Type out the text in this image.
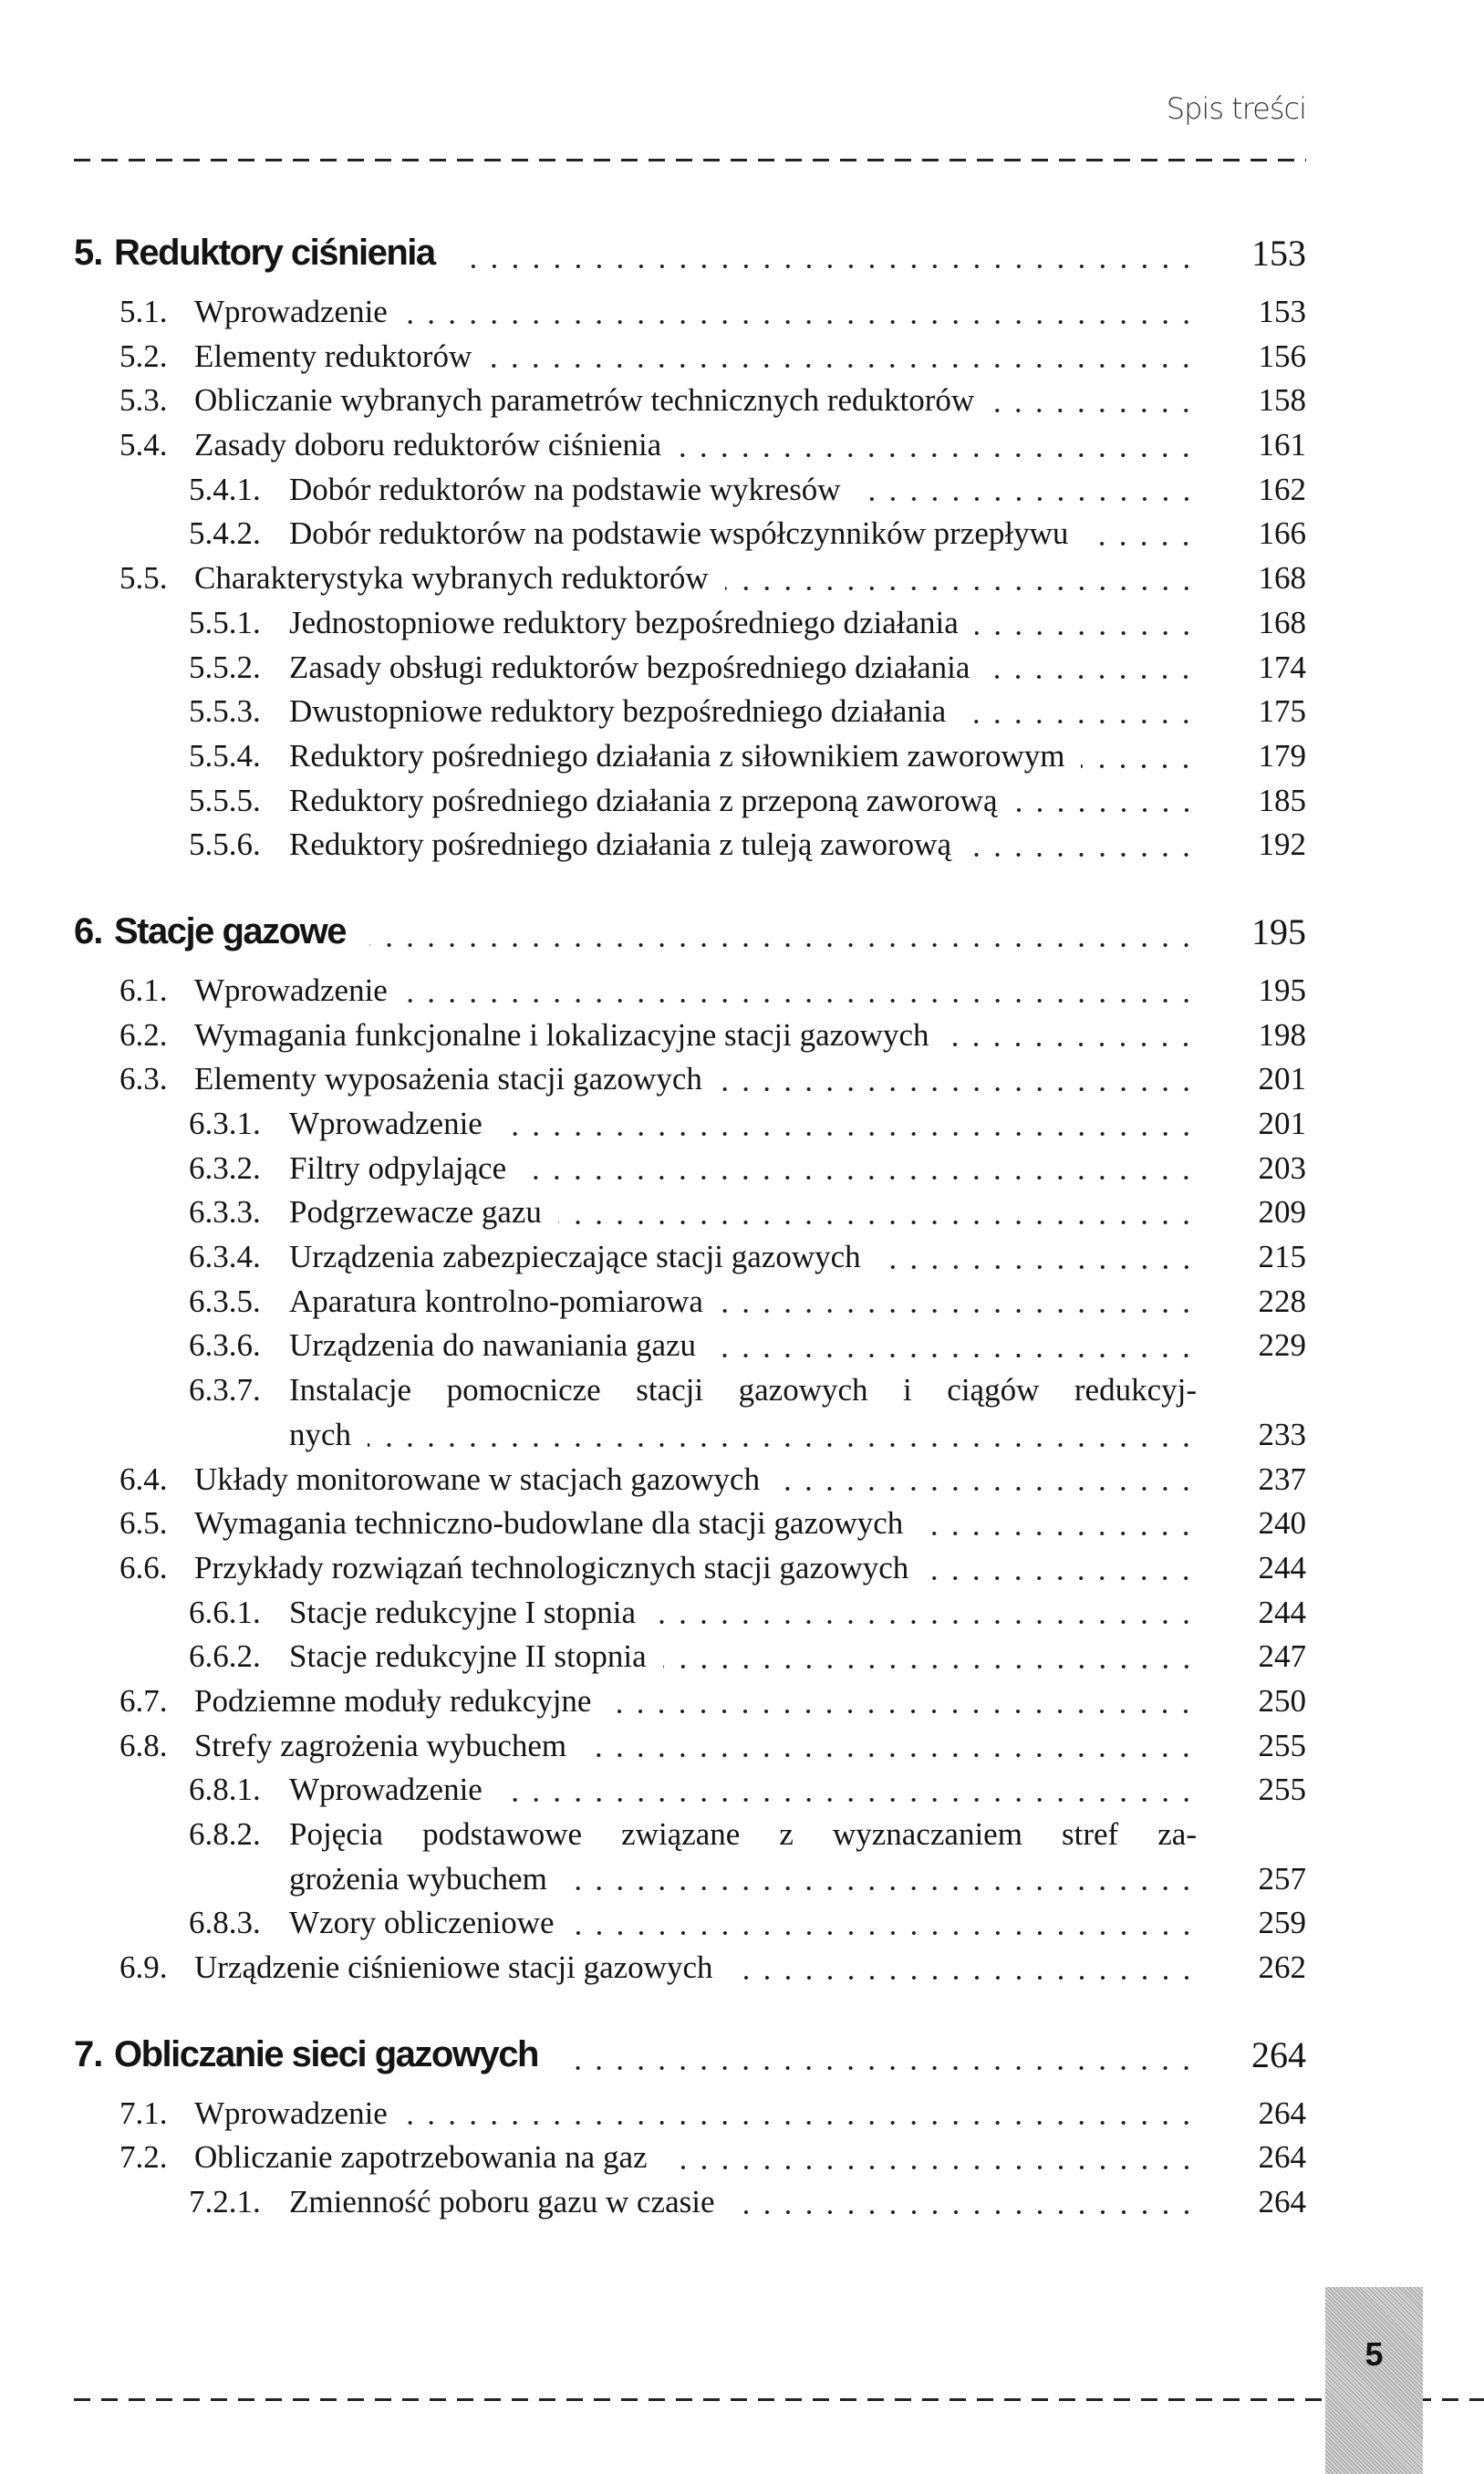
Spis treści
5. Reduktory ciśnienia	153
5.1. Wprowadzenie	153
5.2. Elementy reduktorów	156
5.3. Obliczanie wybranych parametrów technicznych reduktorów	158
5.4. Zasady doboru reduktorów ciśnienia	161
5.4.1. Dobór reduktorów na podstawie wykresów	162
5.4.2. Dobór reduktorów na podstawie współczynników przepływu	166
5.5. Charakterystyka wybranych reduktorów	168
5.5.1. Jednostopniowe reduktory bezpośredniego działania	168
5.5.2. Zasady obsługi reduktorów bezpośredniego działania	174
5.5.3. Dwustopniowe reduktory bezpośredniego działania	175
5.5.4. Reduktory pośredniego działania z siłownikiem zaworowym	179
5.5.5. Reduktory pośredniego działania z przeponą zaworową	185
5.5.6. Reduktory pośredniego działania z tuleją zaworową	192
6. Stacje gazowe	195
6.1. Wprowadzenie	195
6.2. Wymagania funkcjonalne i lokalizacyjne stacji gazowych	198
6.3. Elementy wyposażenia stacji gazowych	201
6.3.1. Wprowadzenie	201
6.3.2. Filtry odpylające	203
6.3.3. Podgrzewacze gazu	209
6.3.4. Urządzenia zabezpieczające stacji gazowych	215
6.3.5. Aparatura kontrolno-pomiarowa	228
6.3.6. Urządzenia do nawaniania gazu	229
6.3.7. Instalacje pomocnicze stacji gazowych i ciągów redukcyj-
nych	233
6.4. Układy monitorowane w stacjach gazowych	237
6.5. Wymagania techniczno-budowlane dla stacji gazowych	240
6.6. Przykłady rozwiązań technologicznych stacji gazowych	244
6.6.1. Stacje redukcyjne I stopnia	244
6.6.2. Stacje redukcyjne II stopnia	247
6.7. Podziemne moduły redukcyjne	250
6.8. Strefy zagrożenia wybuchem	255
6.8.1. Wprowadzenie	255
6.8.2. Pojęcia podstawowe związane z wyznaczaniem stref za-
grożenia wybuchem	257
6.8.3. Wzory obliczeniowe	259
6.9. Urządzenie ciśnieniowe stacji gazowych	262
7. Obliczanie sieci gazowych	264
7.1. Wprowadzenie	264
7.2. Obliczanie zapotrzebowania na gaz	264
7.2.1. Zmienność poboru gazu w czasie	264
5
